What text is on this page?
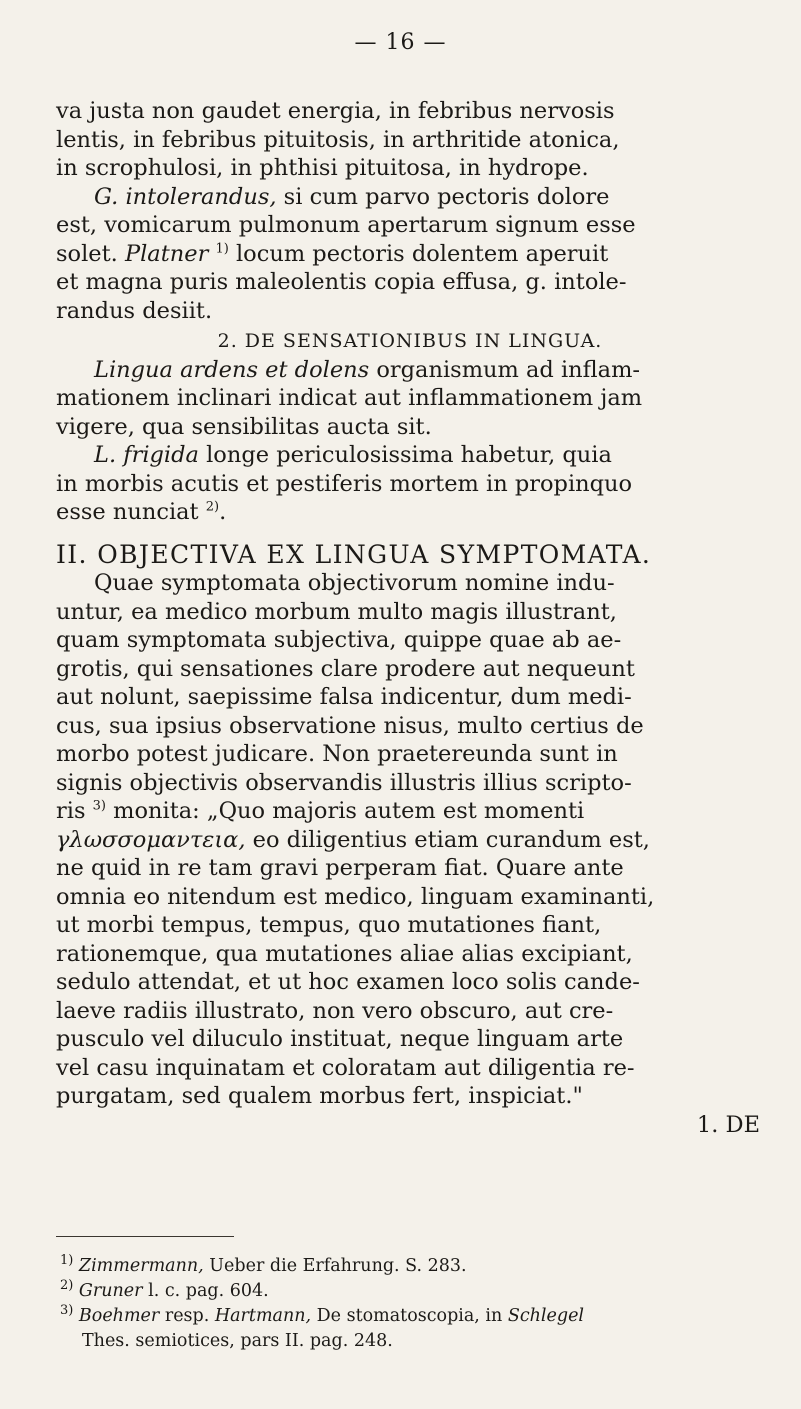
— 16 —
va justa non gaudet energia, in febribus nervosis
lentis, in febribus pituitosis, in arthritide atonica,
in scrophulosi, in phthisi pituitosa, in hydrope.
G. intolerandus, si cum parvo pectoris dolore
est, vomicarum pulmonum apertarum signum esse
solet. Platner $^{1)}$ locum pectoris dolentem aperuit
et magna puris maleolentis copia effusa, g. intole-
randus desiit.
2. DE SENSATIONIBUS IN LINGUA.
Lingua ardens et dolens organismum ad inflam-
mationem inclinari indicat aut inflammationem jam
vigere, qua sensibilitas aucta sit.
L. frigida longe periculosissima habetur, quia
in morbis acutis et pestiferis mortem in propinquo
esse nunciat $^{2)}$.
II. OBJECTIVA EX LINGUA SYMPTOMATA.
Quae symptomata objectivorum nomine indu-
untur, ea medico morbum multo magis illustrant,
quam symptomata subjectiva, quippe quae ab ae-
grotis, qui sensationes clare prodere aut nequeunt
aut nolunt, saepissime falsa indicentur, dum medi-
cus, sua ipsius observatione nisus, multo certius de
morbo potest judicare. Non praetereunda sunt in
signis objectivis observandis illustris illius scripto-
ris $^{3)}$ monita: „Quo majoris autem est momenti
γλωσσομαντεια, eo diligentius etiam curandum est,
ne quid in re tam gravi perperam fiat. Quare ante
omnia eo nitendum est medico, linguam examinanti,
ut morbi tempus, tempus, quo mutationes fiant,
rationemque, qua mutationes aliae alias excipiant,
sedulo attendat, et ut hoc examen loco solis cande-
laeve radiis illustrato, non vero obscuro, aut cre-
pusculo vel diluculo instituat, neque linguam arte
vel casu inquinatam et coloratam aut diligentia re-
purgatam, sed qualem morbus fert, inspiciat."
1. DE
$^{1)}$ Zimmermann, Ueber die Erfahrung. S. 283.
$^{2)}$ Gruner l. c. pag. 604.
$^{3)}$ Boehmer resp. Hartmann, De stomatoscopia, in Schlegel
Thes. semiotices, pars II. pag. 248.
